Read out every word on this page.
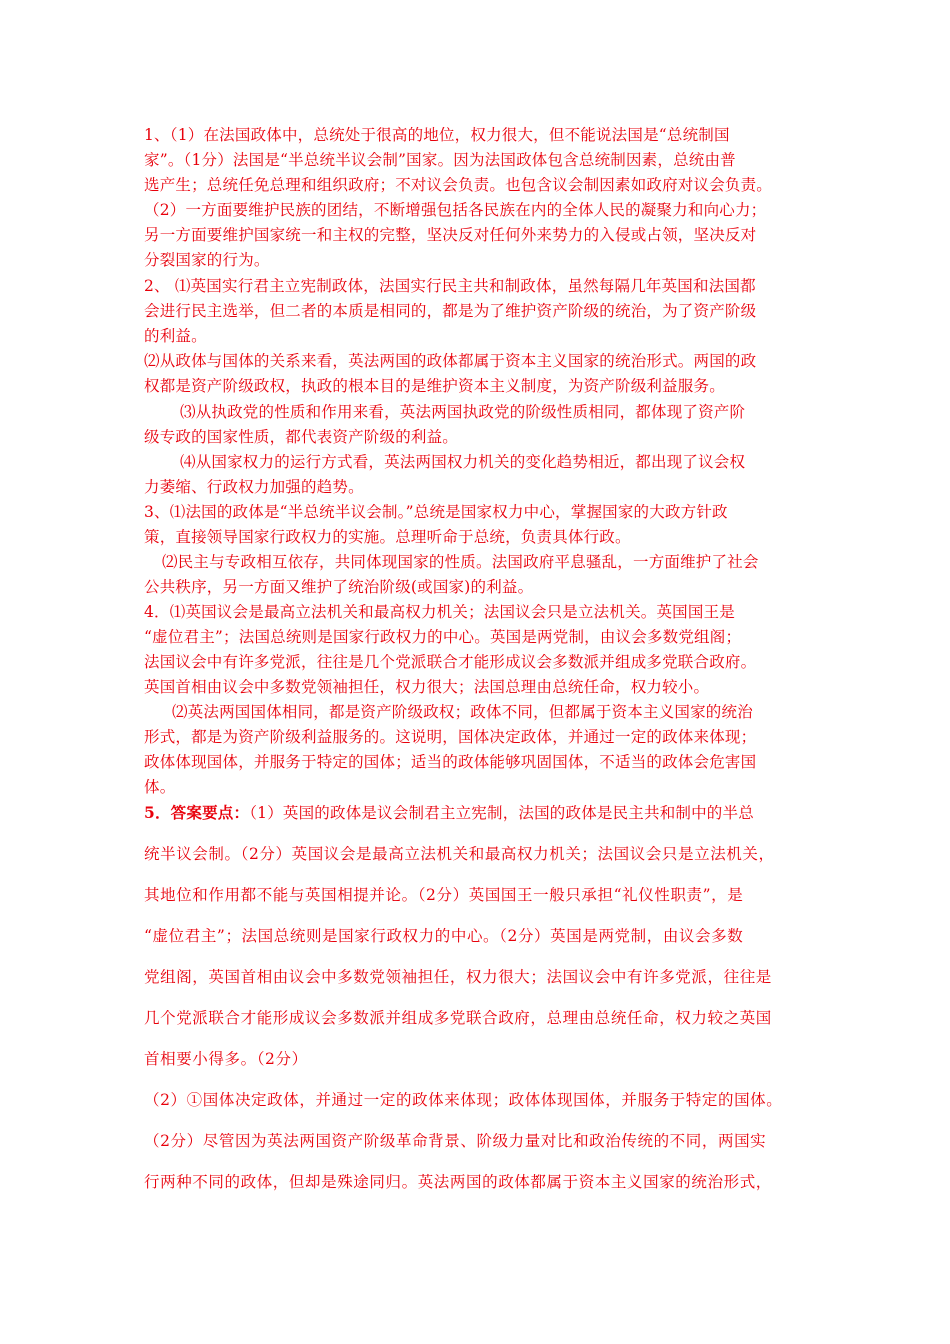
1、（1）在法国政体中，总统处于很高的地位，权力很大，但不能说法国是“总统制国
家”。（1分）法国是“半总统半议会制”国家。因为法国政体包含总统制因素，总统由普
选产生；总统任免总理和组织政府；不对议会负责。也包含议会制因素如政府对议会负责。
（2）一方面要维护民族的团结，不断增强包括各民族在内的全体人民的凝聚力和向心力；
另一方面要维护国家统一和主权的完整，坚决反对任何外来势力的入侵或占领，坚决反对
分裂国家的行为。
2、 ⑴英国实行君主立宪制政体，法国实行民主共和制政体，虽然每隔几年英国和法国都
会进行民主选举，但二者的本质是相同的，都是为了维护资产阶级的统治，为了资产阶级
的利益。
⑵从政体与国体的关系来看，英法两国的政体都属于资本主义国家的统治形式。两国的政
权都是资产阶级政权，执政的根本目的是维护资本主义制度，为资产阶级利益服务。
⑶从执政党的性质和作用来看，英法两国执政党的阶级性质相同，都体现了资产阶
级专政的国家性质，都代表资产阶级的利益。
⑷从国家权力的运行方式看，英法两国权力机关的变化趋势相近，都出现了议会权
力萎缩、行政权力加强的趋势。
3、⑴法国的政体是“半总统半议会制。”总统是国家权力中心，掌握国家的大政方针政
策，直接领导国家行政权力的实施。总理听命于总统，负责具体行政。
⑵民主与专政相互依存，共同体现国家的性质。法国政府平息骚乱，一方面维护了社会
公共秩序，另一方面又维护了统治阶级(或国家)的利益。
4．⑴英国议会是最高立法机关和最高权力机关；法国议会只是立法机关。英国国王是
“虚位君主”；法国总统则是国家行政权力的中心。英国是两党制，由议会多数党组阁；
法国议会中有许多党派，往往是几个党派联合才能形成议会多数派并组成多党联合政府。
英国首相由议会中多数党领袖担任，权力很大；法国总理由总统任命，权力较小。
⑵英法两国国体相同，都是资产阶级政权；政体不同，但都属于资本主义国家的统治
形式，都是为资产阶级利益服务的。这说明，国体决定政体，并通过一定的政体来体现；
政体体现国体，并服务于特定的国体；适当的政体能够巩固国体，不适当的政体会危害国
体。
5．答案要点：（1）英国的政体是议会制君主立宪制，法国的政体是民主共和制中的半总
统半议会制。（2分）英国议会是最高立法机关和最高权力机关；法国议会只是立法机关，
其地位和作用都不能与英国相提并论。（2分）英国国王一般只承担“礼仪性职责”，是
“虚位君主”；法国总统则是国家行政权力的中心。（2分）英国是两党制，由议会多数
党组阁，英国首相由议会中多数党领袖担任，权力很大；法国议会中有许多党派，往往是
几个党派联合才能形成议会多数派并组成多党联合政府，总理由总统任命，权力较之英国
首相要小得多。（2分）
（2）①国体决定政体，并通过一定的政体来体现；政体体现国体，并服务于特定的国体。
（2分）尽管因为英法两国资产阶级革命背景、阶级力量对比和政治传统的不同，两国实
行两种不同的政体，但却是殊途同归。英法两国的政体都属于资本主义国家的统治形式，
